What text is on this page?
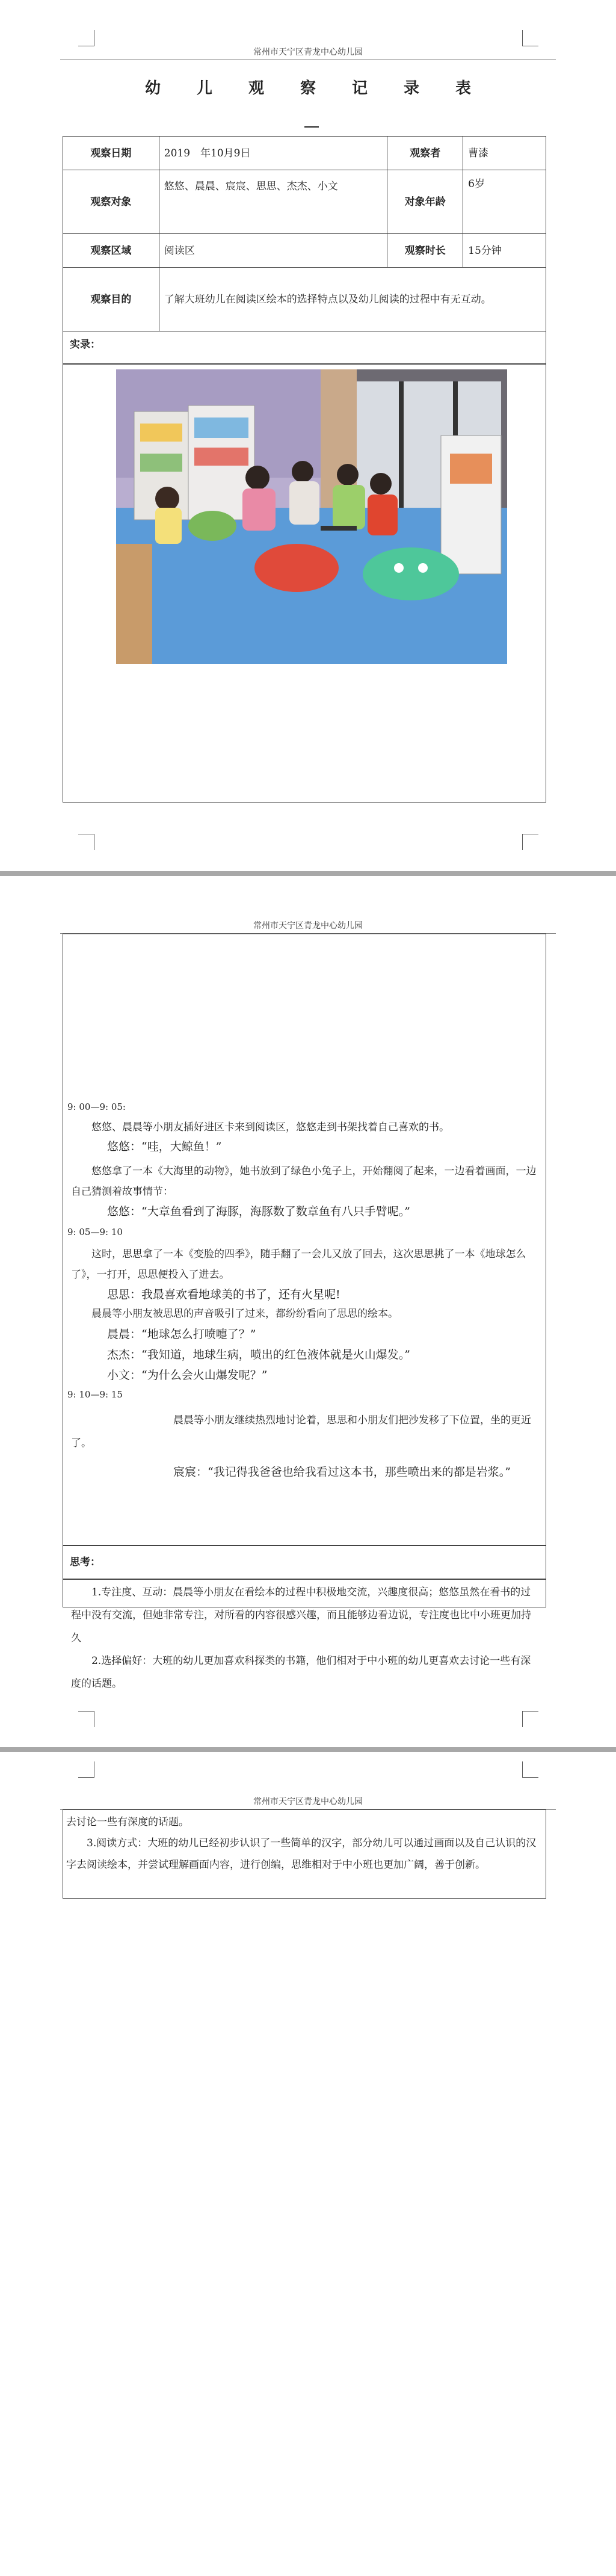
常州市天宁区青龙中心幼儿园
幼儿观察记录表
观察日期	2019　年10月9日	观察者	曹漆
观察对象	悠悠、晨晨、宸宸、思思、杰杰、小文	对象年龄	6岁
观察区域	阅读区	观察时长	15分钟
观察目的	了解大班幼儿在阅读区绘本的选择特点以及幼儿阅读的过程中有无互动。		
实录：
常州市天宁区青龙中心幼儿园
9: 00—9: 05:
悠悠、晨晨等小朋友插好进区卡来到阅读区，悠悠走到书架找着自己喜欢的书。
悠悠：“哇，大鲸鱼！”
悠悠拿了一本《大海里的动物》，她书放到了绿色小兔子上，开始翻阅了起来，一边看着画面，一边自己猜测着故事情节：
悠悠：“大章鱼看到了海豚，海豚数了数章鱼有八只手臂呢。”
9: 05—9: 10
这时，思思拿了一本《变脸的四季》，随手翻了一会儿又放了回去，这次思思挑了一本《地球怎么了》，一打开，思思便投入了进去。
思思：我最喜欢看地球美的书了，还有火星呢!
晨晨等小朋友被思思的声音吸引了过来，都纷纷看向了思思的绘本。
晨晨：“地球怎么打喷嚏了？”
杰杰：“我知道，地球生病，喷出的红色液体就是火山爆发。”
小文：“为什么会火山爆发呢？”
9: 10—9: 15
晨晨等小朋友继续热烈地讨论着，思思和小朋友们把沙发移了下位置，坐的更近了。
宸宸：“我记得我爸爸也给我看过这本书，那些喷出来的都是岩浆。”
思考：
1.专注度、互动：晨晨等小朋友在看绘本的过程中积极地交流，兴趣度很高；悠悠虽然在看书的过程中没有交流，但她非常专注，对所看的内容很感兴趣，而且能够边看边说，专注度也比中小班更加持久
2.选择偏好：大班的幼儿更加喜欢科探类的书籍，他们相对于中小班的幼儿更喜欢去讨论一些有深度的话题。
常州市天宁区青龙中心幼儿园
去讨论一些有深度的话题。
3.阅读方式：大班的幼儿已经初步认识了一些简单的汉字，部分幼儿可以通过画面以及自己认识的汉字去阅读绘本，并尝试理解画面内容，进行创编，思维相对于中小班也更加广阔，善于创新。
